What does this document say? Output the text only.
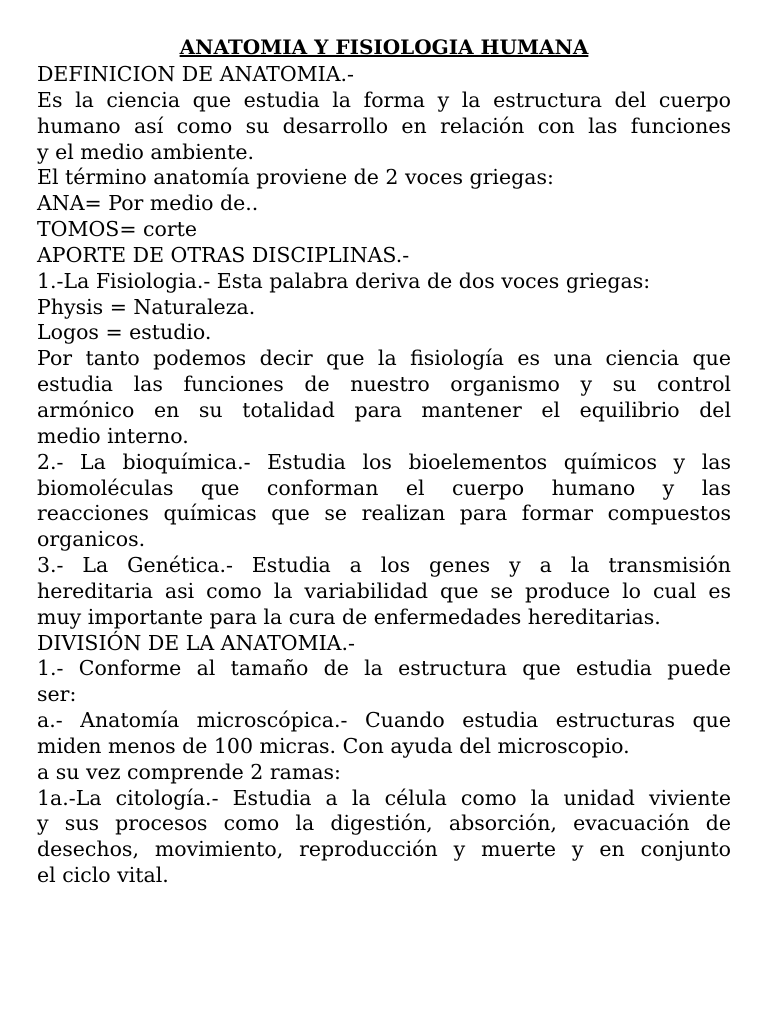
ANATOMIA Y FISIOLOGIA HUMANA
DEFINICION DE ANATOMIA.-
Es la ciencia que estudia la forma y la estructura del cuerpo
humano así como su desarrollo en relación con las funciones
y el medio ambiente.
El término anatomía proviene de 2 voces griegas:
ANA= Por medio de..
TOMOS= corte
APORTE DE OTRAS DISCIPLINAS.-
1.-La Fisiologia.- Esta palabra deriva de dos voces griegas:
Physis = Naturaleza.
Logos = estudio.
Por tanto podemos decir que la fisiología es una ciencia que
estudia las funciones de nuestro organismo y su control
armónico en su totalidad para mantener el equilibrio del
medio interno.
2.- La bioquímica.- Estudia los bioelementos químicos y las
biomoléculas que conforman el cuerpo humano y las
reacciones químicas que se realizan para formar compuestos
organicos.
3.- La Genética.- Estudia a los genes y a la transmisión
hereditaria asi como la variabilidad que se produce lo cual es
muy importante para la cura de enfermedades hereditarias.
DIVISIÓN DE LA ANATOMIA.-
1.- Conforme al tamaño de la estructura que estudia puede
ser:
a.- Anatomía microscópica.- Cuando estudia estructuras que
miden menos de 100 micras. Con ayuda del microscopio.
a su vez comprende 2 ramas:
1a.-La citología.- Estudia a la célula como la unidad viviente
y sus procesos como la digestión, absorción, evacuación de
desechos, movimiento, reproducción y muerte y en conjunto
el ciclo vital.
